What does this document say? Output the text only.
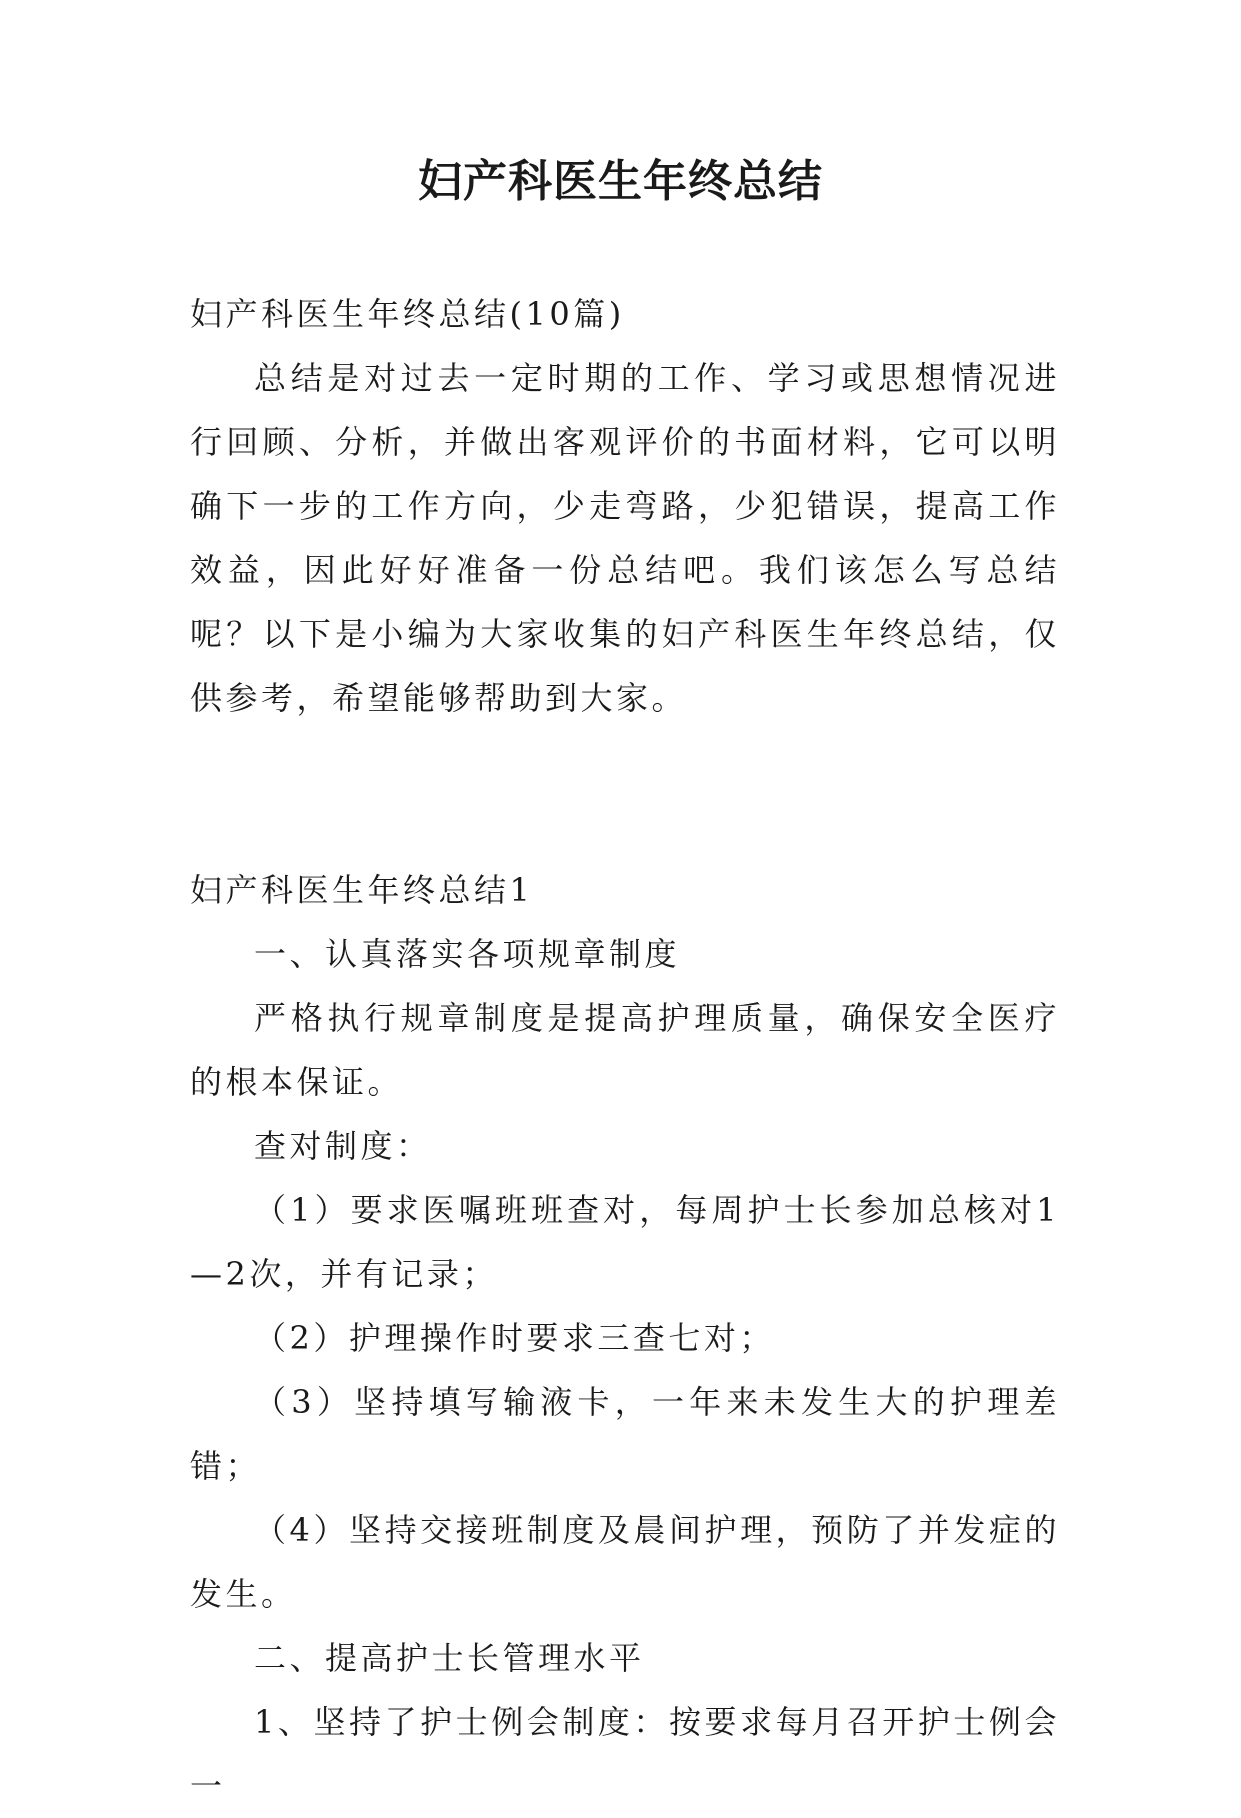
妇产科医生年终总结

妇产科医生年终总结(10篇)

总结是对过去一定时期的工作、学习或思想情况进行回顾、分析，并做出客观评价的书面材料，它可以明确下一步的工作方向，少走弯路，少犯错误，提高工作效益，因此好好准备一份总结吧。我们该怎么写总结呢？以下是小编为大家收集的妇产科医生年终总结，仅供参考，希望能够帮助到大家。

妇产科医生年终总结1

一、认真落实各项规章制度

严格执行规章制度是提高护理质量，确保安全医疗的根本保证。

查对制度：

（1）要求医嘱班班查对，每周护士长参加总核对1—2次，并有记录；

（2）护理操作时要求三查七对；

（3）坚持填写输液卡，一年来未发生大的护理差错；

（4）坚持交接班制度及晨间护理，预防了并发症的发生。

二、提高护士长管理水平

1、坚持了护士例会制度：按要求每月召开护士例会一
